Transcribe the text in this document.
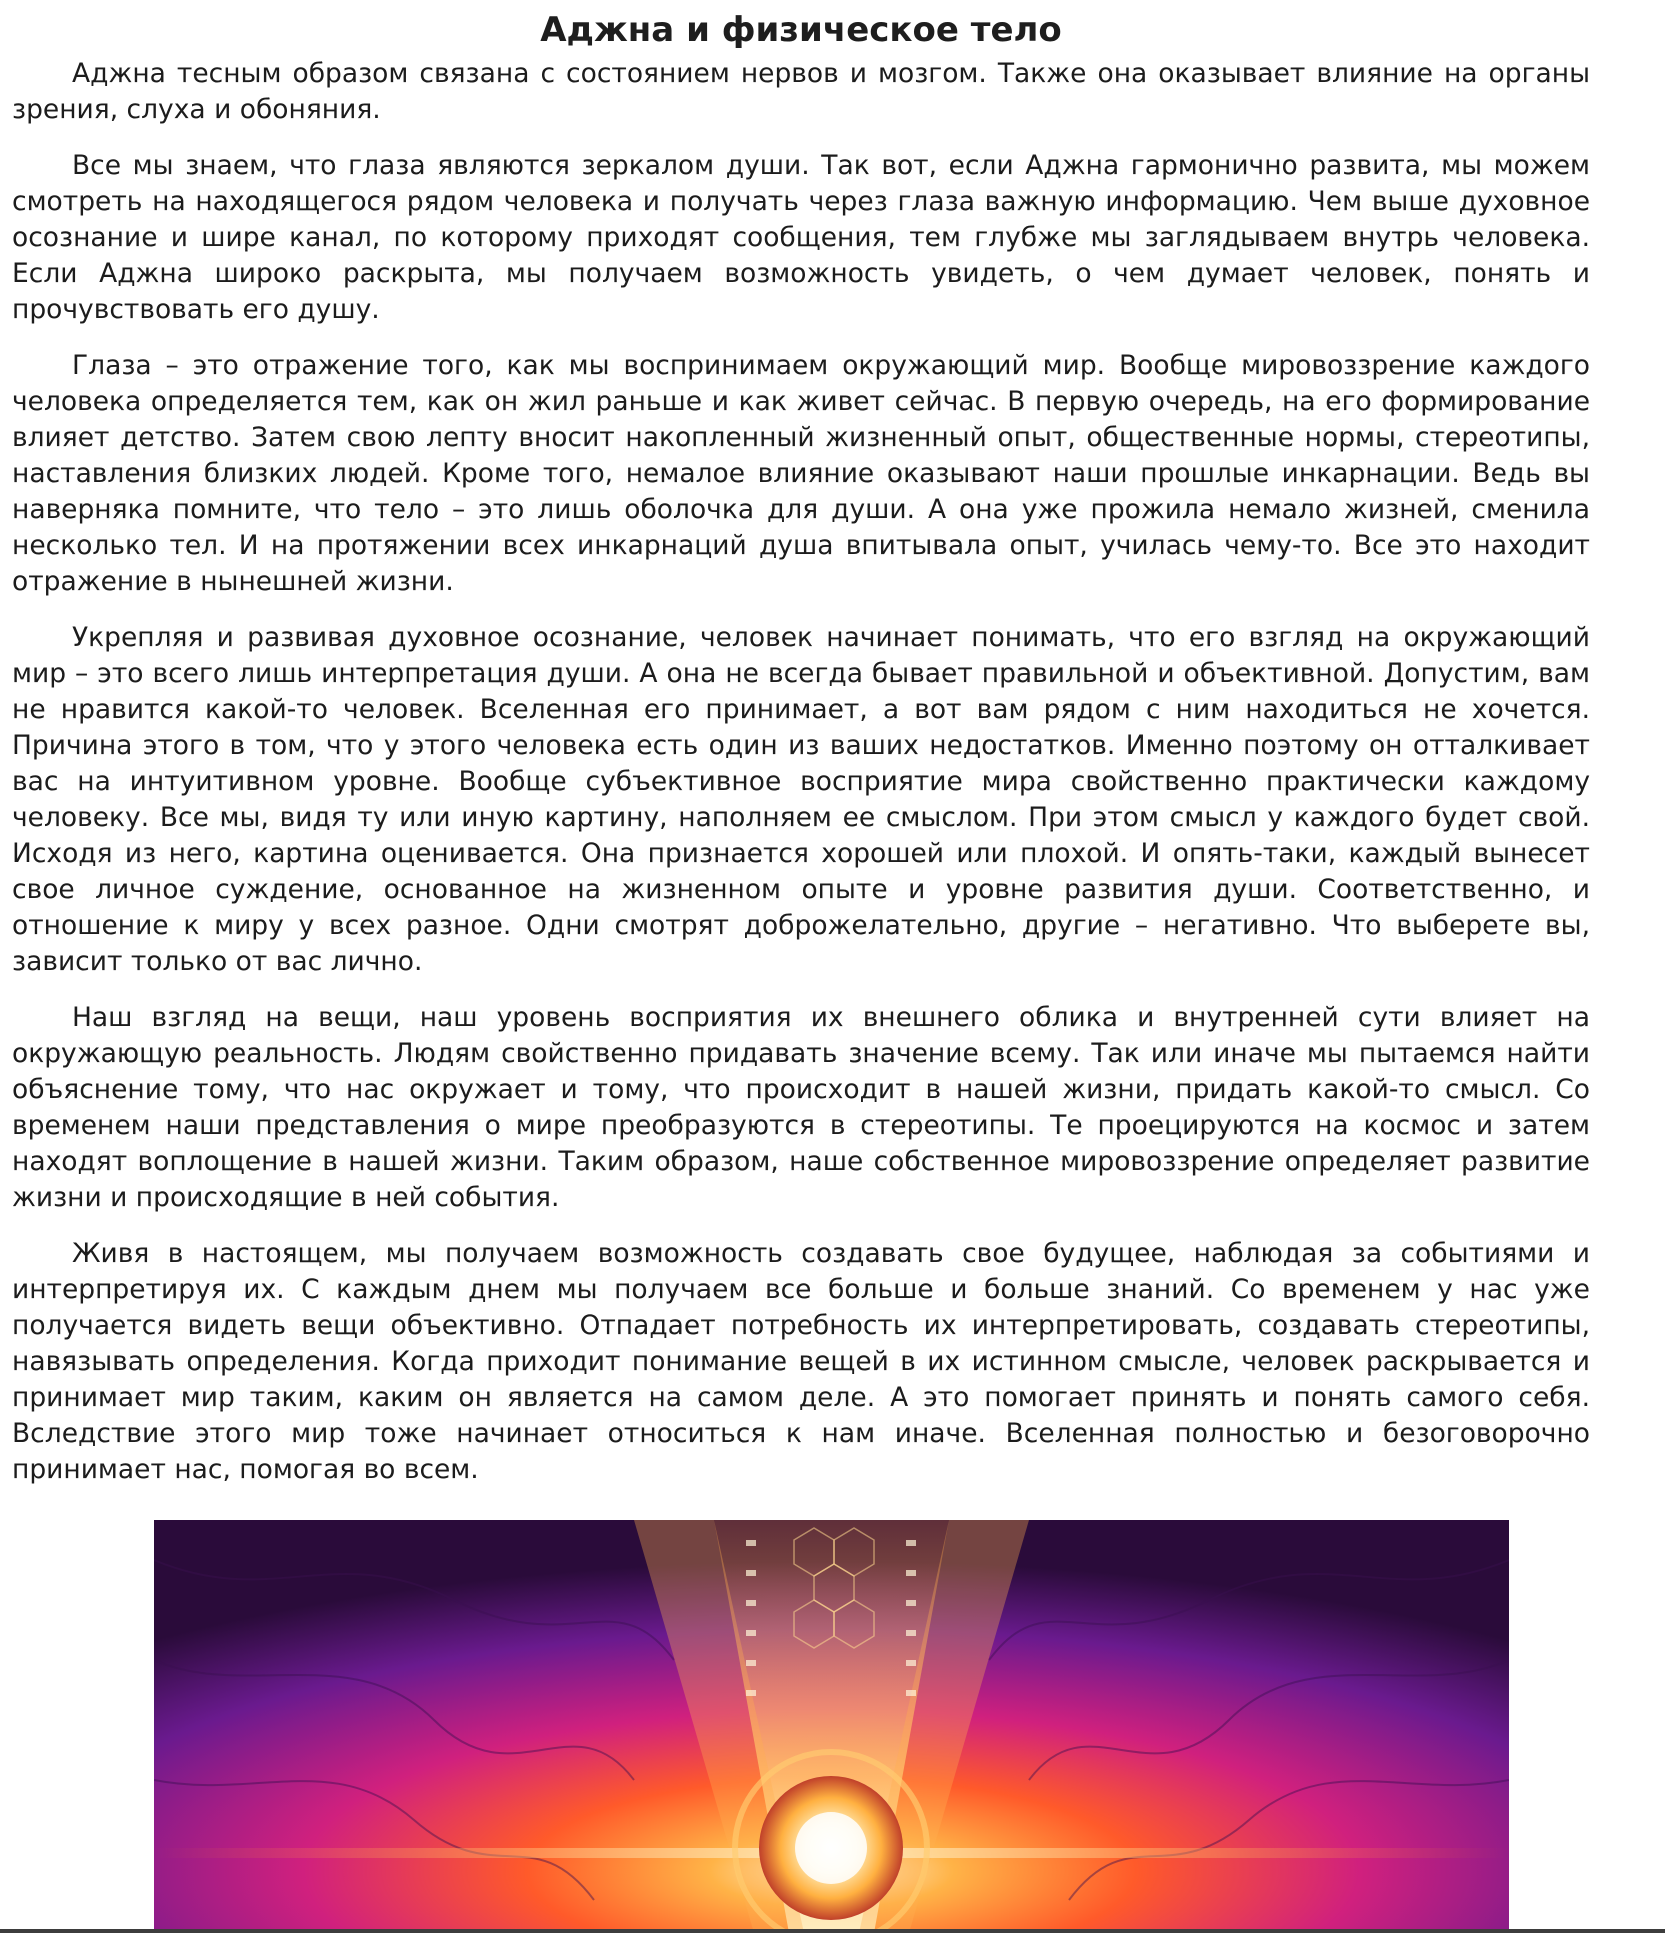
Аджна и физическое тело

Аджна тесным образом связана с состоянием нервов и мозгом. Также она оказывает влияние на органы зрения, слуха и обоняния.

Все мы знаем, что глаза являются зеркалом души. Так вот, если Аджна гармонично развита, мы можем смотреть на находящегося рядом человека и получать через глаза важную информацию. Чем выше духовное осознание и шире канал, по которому приходят сообщения, тем глубже мы заглядываем внутрь человека. Если Аджна широко раскрыта, мы получаем возможность увидеть, о чем думает человек, понять и прочувствовать его душу.

Глаза – это отражение того, как мы воспринимаем окружающий мир. Вообще мировоззрение каждого человека определяется тем, как он жил раньше и как живет сейчас. В первую очередь, на его формирование влияет детство. Затем свою лепту вносит накопленный жизненный опыт, общественные нормы, стереотипы, наставления близких людей. Кроме того, немалое влияние оказывают наши прошлые инкарнации. Ведь вы наверняка помните, что тело – это лишь оболочка для души. А она уже прожила немало жизней, сменила несколько тел. И на протяжении всех инкарнаций душа впитывала опыт, училась чему-то. Все это находит отражение в нынешней жизни.

Укрепляя и развивая духовное осознание, человек начинает понимать, что его взгляд на окружающий мир – это всего лишь интерпретация души. А она не всегда бывает правильной и объективной. Допустим, вам не нравится какой-то человек. Вселенная его принимает, а вот вам рядом с ним находиться не хочется. Причина этого в том, что у этого человека есть один из ваших недостатков. Именно поэтому он отталкивает вас на интуитивном уровне. Вообще субъективное восприятие мира свойственно практически каждому человеку. Все мы, видя ту или иную картину, наполняем ее смыслом. При этом смысл у каждого будет свой. Исходя из него, картина оценивается. Она признается хорошей или плохой. И опять-таки, каждый вынесет свое личное суждение, основанное на жизненном опыте и уровне развития души. Соответственно, и отношение к миру у всех разное. Одни смотрят доброжелательно, другие – негативно. Что выберете вы, зависит только от вас лично.

Наш взгляд на вещи, наш уровень восприятия их внешнего облика и внутренней сути влияет на окружающую реальность. Людям свойственно придавать значение всему. Так или иначе мы пытаемся найти объяснение тому, что нас окружает и тому, что происходит в нашей жизни, придать какой-то смысл. Со временем наши представления о мире преобразуются в стереотипы. Те проецируются на космос и затем находят воплощение в нашей жизни. Таким образом, наше собственное мировоззрение определяет развитие жизни и происходящие в ней события.

Живя в настоящем, мы получаем возможность создавать свое будущее, наблюдая за событиями и интерпретируя их. С каждым днем мы получаем все больше и больше знаний. Со временем у нас уже получается видеть вещи объективно. Отпадает потребность их интерпретировать, создавать стереотипы, навязывать определения. Когда приходит понимание вещей в их истинном смысле, человек раскрывается и принимает мир таким, каким он является на самом деле. А это помогает принять и понять самого себя. Вследствие этого мир тоже начинает относиться к нам иначе. Вселенная полностью и безоговорочно принимает нас, помогая во всем.
